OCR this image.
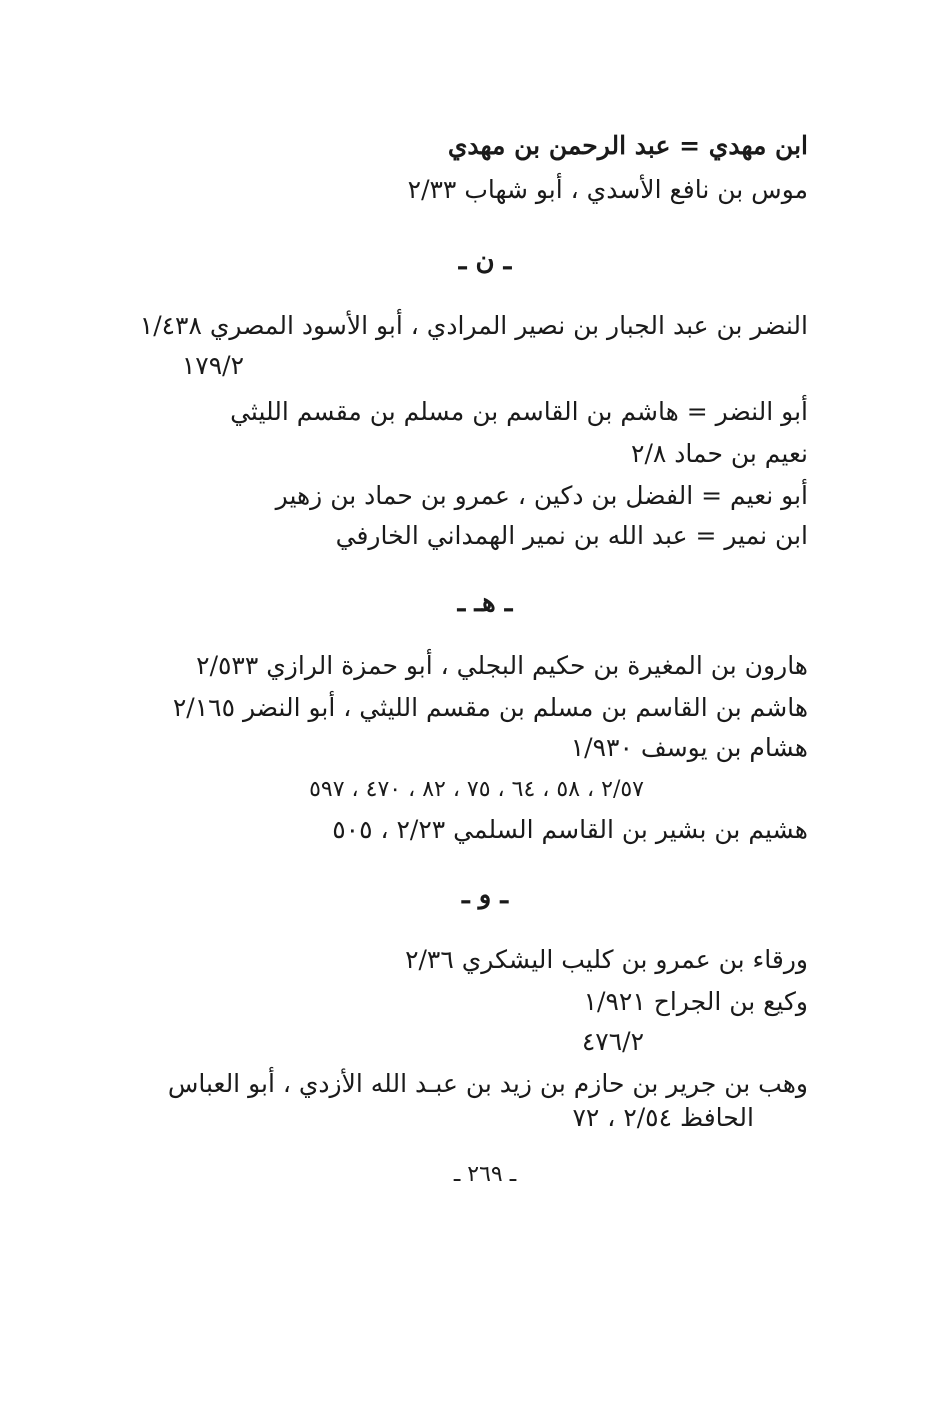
ابن مهدي = عبد الرحمن بن مهدي
موس بن نافع الأسدي ، أبو شهاب ٢/٣٣
ـ ن ـ
النضر بن عبد الجبار بن نصير المرادي ، أبو الأسود المصري ١/٤٣٨
١٧٩/٢
أبو النضر = هاشم بن القاسم بن مسلم بن مقسم الليثي
نعيم بن حماد ٢/٨
أبو نعيم = الفضل بن دكين ، عمرو بن حماد بن زهير
ابن نمير = عبد الله بن نمير الهمداني الخارفي
ـ هـ ـ
هارون بن المغيرة بن حكيم البجلي ، أبو حمزة الرازي ٢/٥٣٣
هاشم بن القاسم بن مسلم بن مقسم الليثي ، أبو النضر ٢/١٦٥
هشام بن يوسف ١/٩٣٠
٢/٥٧ ، ٥٨ ، ٦٤ ، ٧٥ ، ٨٢ ، ٤٧٠ ، ٥٩٧
هشيم بن بشير بن القاسم السلمي ٢/٢٣ ، ٥٠٥
ـ و ـ
ورقاء بن عمرو بن كليب اليشكري ٢/٣٦
وكيع بن الجراح ١/٩٢١
٤٧٦/٢
وهب بن جرير بن حازم بن زيد بن عبـد الله الأزدي ، أبو العباس
الحافظ ٢/٥٤ ، ٧٢
ـ ٢٦٩ ـ
